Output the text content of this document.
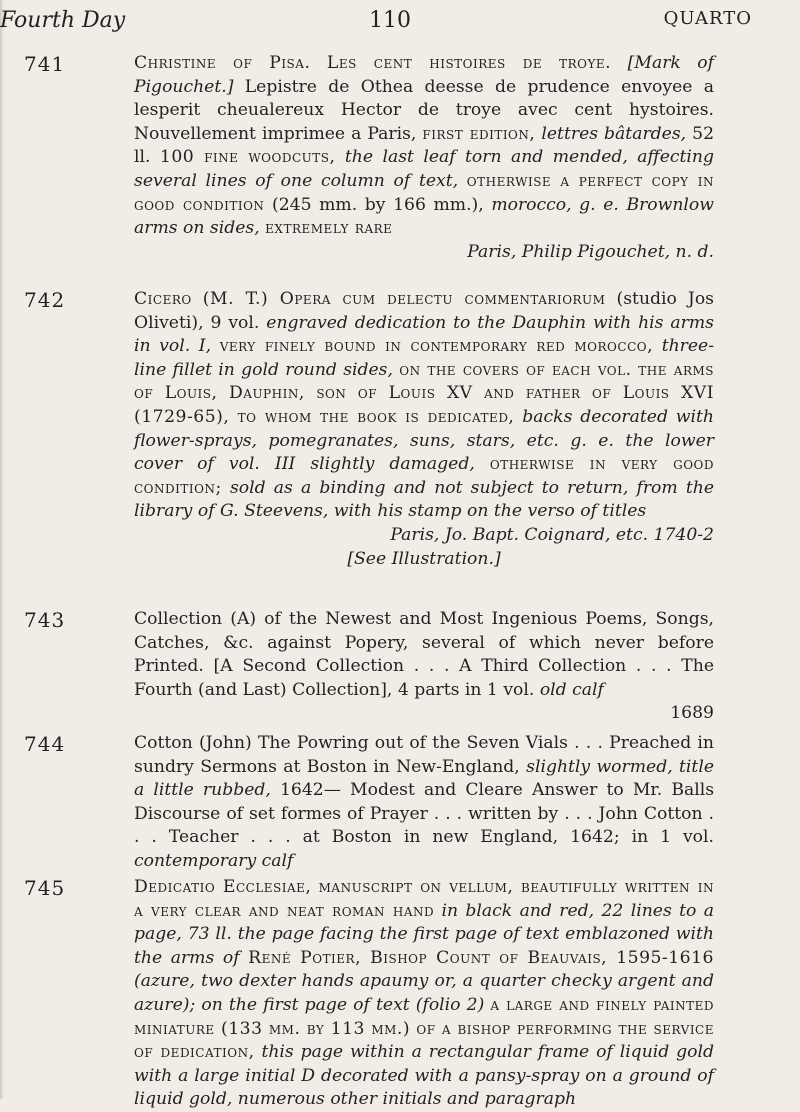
Fourth Day	110	QUARTO
741	Christine of Pisa. Les cent histoires de troye. [Mark of Pigouchet.] Lepistre de Othea deesse de prudence envoyee a lesperit cheualereux Hector de troye avec cent hystoires. Nouvellement imprimee a Paris, first edition, lettres bâtardes, 52 ll. 100 fine woodcuts, the last leaf torn and mended, affecting several lines of one column of text, otherwise a perfect copy in good condition (245 mm. by 166 mm.), morocco, g. e. Brownlow arms on sides, extremely rare
Paris, Philip Pigouchet, n. d.
742	Cicero (M. T.) Opera cum delectu commentariorum (studio Jos Oliveti), 9 vol. engraved dedication to the Dauphin with his arms in vol. I, very finely bound in contemporary red morocco, three-line fillet in gold round sides, on the covers of each vol. the arms of Louis, Dauphin, son of Louis XV and father of Louis XVI (1729-65), to whom the book is dedicated, backs decorated with flower-sprays, pomegranates, suns, stars, etc. g. e. the lower cover of vol. III slightly damaged, otherwise in very good condition; sold as a binding and not subject to return, from the library of G. Steevens, with his stamp on the verso of titles
Paris, Jo. Bapt. Coignard, etc. 1740-2
[See Illustration.]
743	Collection (A) of the Newest and Most Ingenious Poems, Songs, Catches, &c. against Popery, several of which never before Printed. [A Second Collection . . . A Third Collection . . . The Fourth (and Last) Collection], 4 parts in 1 vol. old calf
1689
744	Cotton (John) The Powring out of the Seven Vials . . . Preached in sundry Sermons at Boston in New-England, slightly wormed, title a little rubbed, 1642— Modest and Cleare Answer to Mr. Balls Discourse of set formes of Prayer . . . written by . . . John Cotton . . . Teacher . . . at Boston in new England, 1642; in 1 vol. contemporary calf
745	Dedicatio Ecclesiae, manuscript on vellum, beautifully written in a very clear and neat roman hand in black and red, 22 lines to a page, 73 ll. the page facing the first page of text emblazoned with the arms of René Potier, Bishop Count of Beauvais, 1595-1616 (azure, two dexter hands apaumy or, a quarter checky argent and azure); on the first page of text (folio 2) a large and finely painted miniature (133 mm. by 113 mm.) of a bishop performing the service of dedication, this page within a rectangular frame of liquid gold with a large initial D decorated with a pansy-spray on a ground of liquid gold, numerous other initials and paragraph
